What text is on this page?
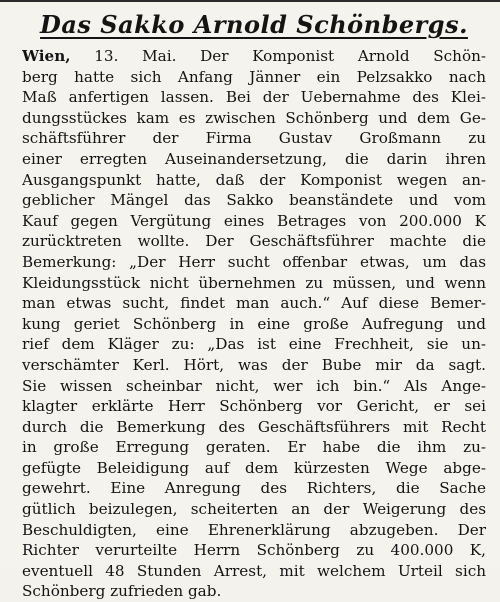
Das Sakko Arnold Schönbergs.
Wien, 13. Mai. Der Komponist Arnold Schön-
berg hatte sich Anfang Jänner ein Pelzsakko nach
Maß anfertigen lassen. Bei der Uebernahme des Klei-
dungsstückes kam es zwischen Schönberg und dem Ge-
schäftsführer der Firma Gustav Großmann zu
einer erregten Auseinandersetzung, die darin ihren
Ausgangspunkt hatte, daß der Komponist wegen an-
geblicher Mängel das Sakko beanständete und vom
Kauf gegen Vergütung eines Betrages von 200.000 K
zurücktreten wollte. Der Geschäftsführer machte die
Bemerkung: „Der Herr sucht offenbar etwas, um das
Kleidungsstück nicht übernehmen zu müssen, und wenn
man etwas sucht, findet man auch.“ Auf diese Bemer-
kung geriet Schönberg in eine große Aufregung und
rief dem Kläger zu: „Das ist eine Frechheit, sie un-
verschämter Kerl. Hört, was der Bube mir da sagt.
Sie wissen scheinbar nicht, wer ich bin.“ Als Ange-
klagter erklärte Herr Schönberg vor Gericht, er sei
durch die Bemerkung des Geschäftsführers mit Recht
in große Erregung geraten. Er habe die ihm zu-
gefügte Beleidigung auf dem kürzesten Wege abge-
gewehrt. Eine Anregung des Richters, die Sache
gütlich beizulegen, scheiterten an der Weigerung des
Beschuldigten, eine Ehrenerklärung abzugeben. Der
Richter verurteilte Herrn Schönberg zu 400.000 K,
eventuell 48 Stunden Arrest, mit welchem Urteil sich
Schönberg zufrieden gab.
